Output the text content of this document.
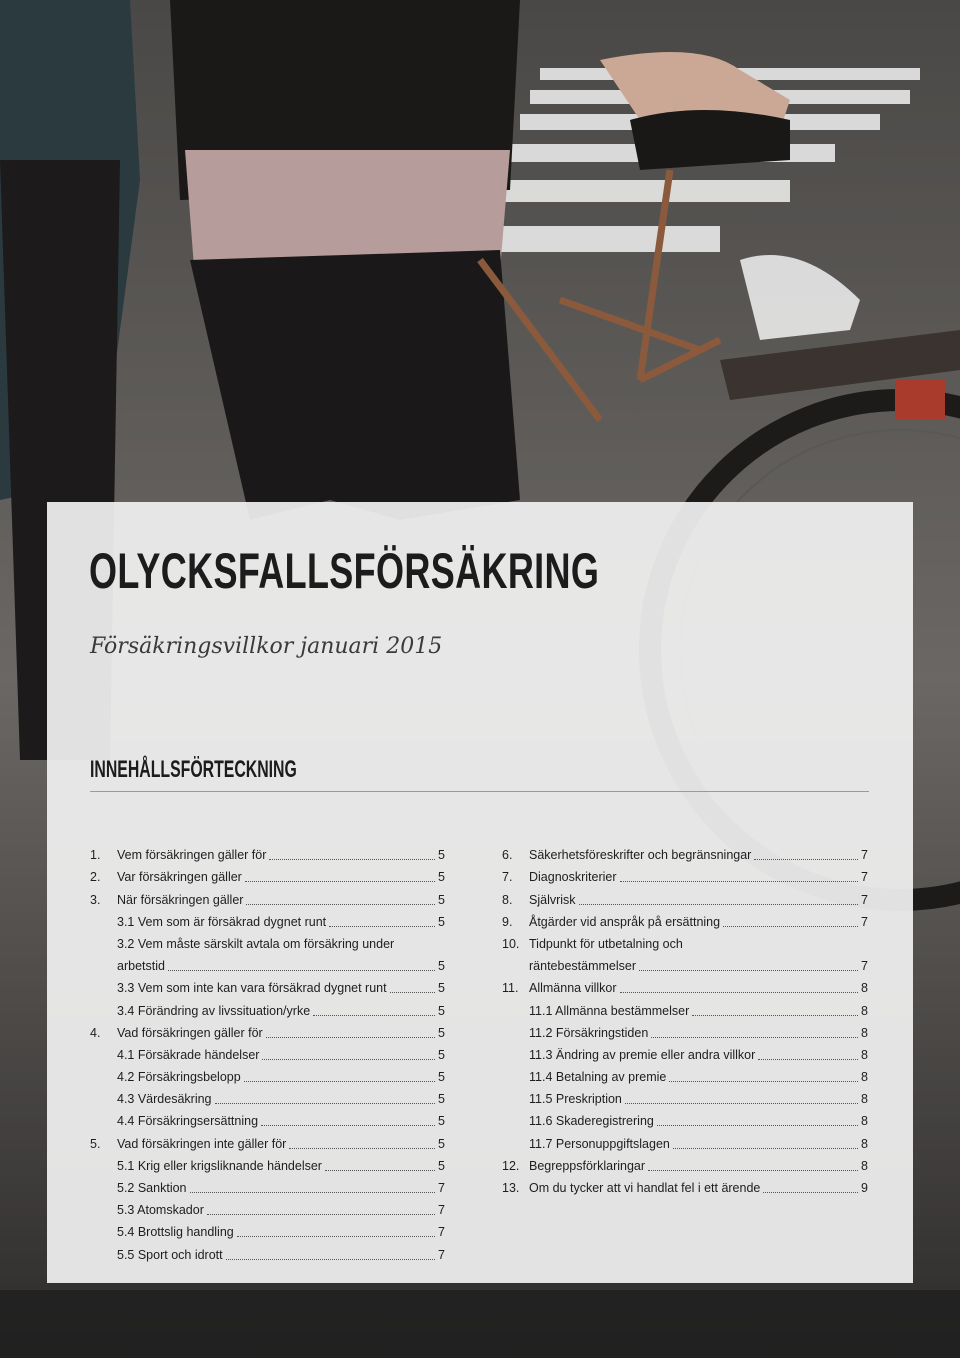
OLYCKSFALLSFÖRSÄKRING
Försäkringsvillkor januari 2015
INNEHÅLLSFÖRTECKNING
1.	Vem försäkringen gäller för	5
2.	Var försäkringen gäller	5
3.	När försäkringen gäller	5
3.1 Vem som är försäkrad dygnet runt	5
3.2 Vem måste särskilt avtala om försäkring under
arbetstid	5
3.3 Vem som inte kan vara försäkrad dygnet runt	5
3.4 Förändring av livssituation/yrke	5
4.	Vad försäkringen gäller för	5
4.1 Försäkrade händelser	5
4.2 Försäkringsbelopp	5
4.3 Värdesäkring	5
4.4 Försäkringsersättning	5
5.	Vad försäkringen inte gäller för	5
5.1 Krig eller krigsliknande händelser	5
5.2 Sanktion	7
5.3 Atomskador	7
5.4 Brottslig handling	7
5.5 Sport och idrott	7
6.	Säkerhetsföreskrifter och begränsningar	7
7.	Diagnoskriterier	7
8.	Självrisk	7
9.	Åtgärder vid anspråk på ersättning	7
10. Tidpunkt för utbetalning och
räntebestämmelser	7
11. Allmänna villkor	8
11.1 Allmänna bestämmelser	8
11.2 Försäkringstiden	8
11.3 Ändring av premie eller andra villkor	8
11.4 Betalning av premie	8
11.5 Preskription	8
11.6 Skaderegistrering	8
11.7 Personuppgiftslagen	8
12. Begreppsförklaringar	8
13. Om du tycker att vi handlat fel i ett ärende	9
